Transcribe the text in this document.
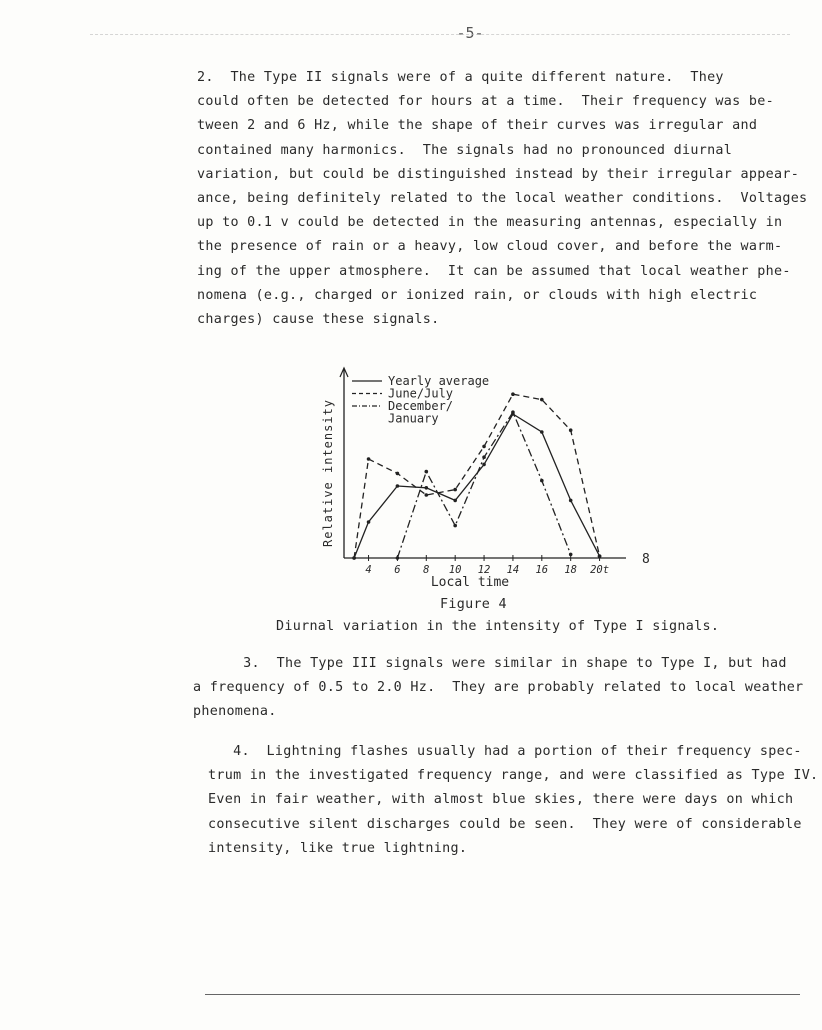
-5-

2.  The Type II signals were of a quite different nature.  They
could often be detected for hours at a time.  Their frequency was be-
tween 2 and 6 Hz, while the shape of their curves was irregular and
contained many harmonics.  The signals had no pronounced diurnal
variation, but could be distinguished instead by their irregular appear-
ance, being definitely related to the local weather conditions.  Voltages
up to 0.1 v could be detected in the measuring antennas, especially in
the presence of rain or a heavy, low cloud cover, and before the warm-
ing of the upper atmosphere.  It can be assumed that local weather phe-
nomena (e.g., charged or ionized rain, or clouds with high electric
charges) cause these signals.

4 6 8 10 12 14 16 18 20t
Yearly average
June/July
December/
January
Local time
Relative intensity
8
Figure 4
Diurnal variation in the intensity of Type I signals.

3.  The Type III signals were similar in shape to Type I, but had
a frequency of 0.5 to 2.0 Hz.  They are probably related to local weather
phenomena.

4.  Lightning flashes usually had a portion of their frequency spec-
trum in the investigated frequency range, and were classified as Type IV.
Even in fair weather, with almost blue skies, there were days on which
consecutive silent discharges could be seen.  They were of considerable
intensity, like true lightning.
